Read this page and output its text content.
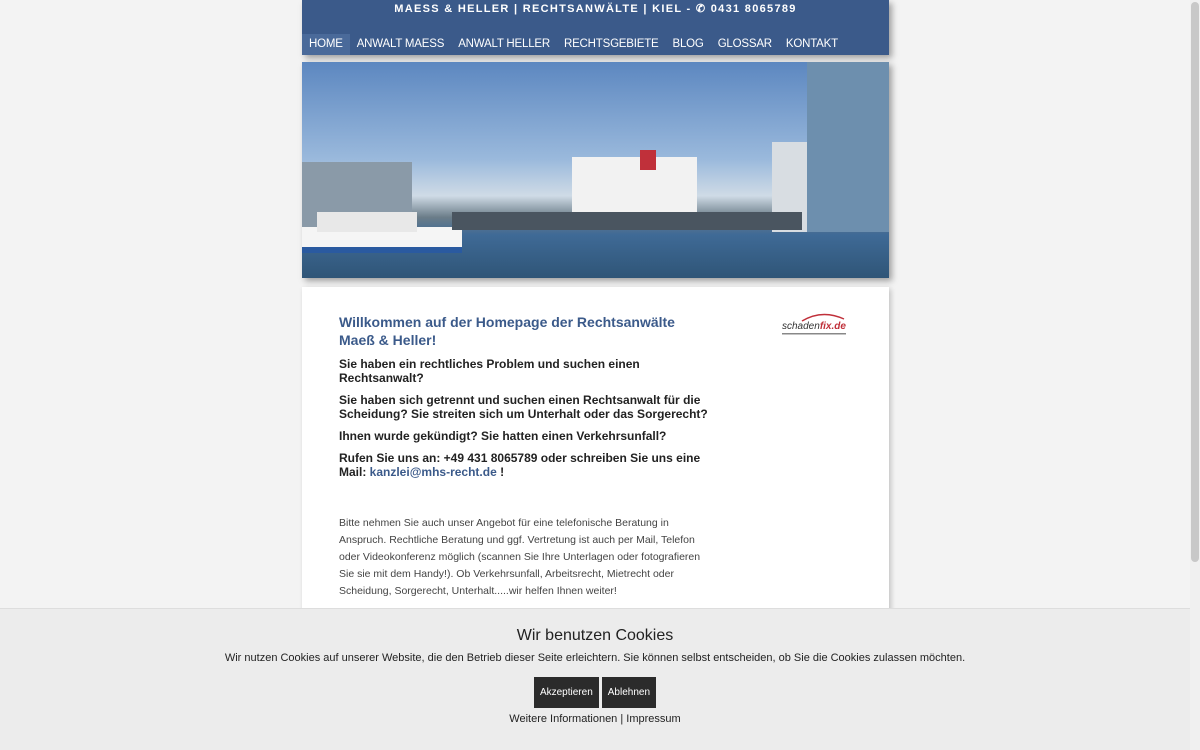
MAESS & HELLER | RECHTSANWÄLTE | KIEL - ✆ 0431 8065789
HOME	ANWALT MAESS	ANWALT HELLER	RECHTSGEBIETE	BLOG	GLOSSAR	KONTAKT
Willkommen auf der Homepage der Rechtsanwälte Maeß & Heller!

Sie haben ein rechtliches Problem und suchen einen Rechtsanwalt?

Sie haben sich getrennt und suchen einen Rechtsanwalt für die Scheidung? Sie streiten sich um Unterhalt oder das Sorgerecht?

Ihnen wurde gekündigt? Sie hatten einen Verkehrsunfall?

Rufen Sie uns an: +49 431 8065789 oder schreiben Sie uns eine Mail: kanzlei@mhs-recht.de !

Bitte nehmen Sie auch unser Angebot für eine telefonische Beratung in Anspruch. Rechtliche Beratung und ggf. Vertretung ist auch per Mail, Telefon oder Videokonferenz möglich (scannen Sie Ihre Unterlagen oder fotografieren Sie sie mit dem Handy!). Ob Verkehrsunfall, Arbeitsrecht, Mietrecht oder Scheidung, Sorgerecht, Unterhalt.....wir helfen Ihnen weiter!

schadenfix.de
Wir benutzen Cookies

Wir nutzen Cookies auf unserer Website, die den Betrieb dieser Seite erleichtern. Sie können selbst entscheiden, ob Sie die Cookies zulassen möchten.

Akzeptieren	Ablehnen

Weitere Informationen | Impressum
